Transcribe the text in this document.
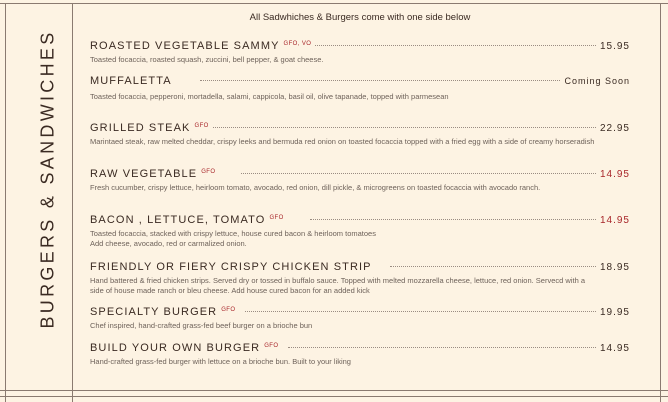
BURGERS & SANDWICHES
All Sadwhiches & Burgers come with one side below
ROASTED VEGETABLE SAMMY GFO, VO	15.95
Toasted focaccia, roasted squash, zuccini, bell pepper, & goat cheese.
MUFFALETTA	Coming Soon
Toasted focaccia, pepperoni, mortadella, salami, cappicola, basil oil, olive tapanade, topped with parmesean
GRILLED STEAK GFO	22.95
Marintaed steak, raw melted cheddar, crispy leeks and bermuda red onion on toasted focaccia topped with a fried egg with a side of creamy horseradish
RAW VEGETABLE GFO	14.95
Fresh cucumber, crispy lettuce, heirloom tomato, avocado, red onion, dill pickle, & microgreens on toasted focaccia with avocado ranch.
BACON , LETTUCE, TOMATO GFO	14.95
Toasted focaccia, stacked with crispy lettuce, house cured bacon & heirloom tomatoes
Add cheese, avocado, red or carmalized onion.
FRIENDLY OR FIERY CRISPY CHICKEN STRIP	18.95
Hand battered & fried chicken strips. Served dry or tossed in buffalo sauce. Topped with melted mozzarella cheese, lettuce, red onion. Servecd with a side of house made ranch or bleu cheese. Add house cured bacon for an added kick
SPECIALTY BURGER GFO	19.95
Chef inspired, hand-crafted grass-fed beef burger on a brioche bun
BUILD YOUR OWN BURGER GFO	14.95
Hand-crafted grass-fed burger with lettuce on a brioche bun. Built to your liking
